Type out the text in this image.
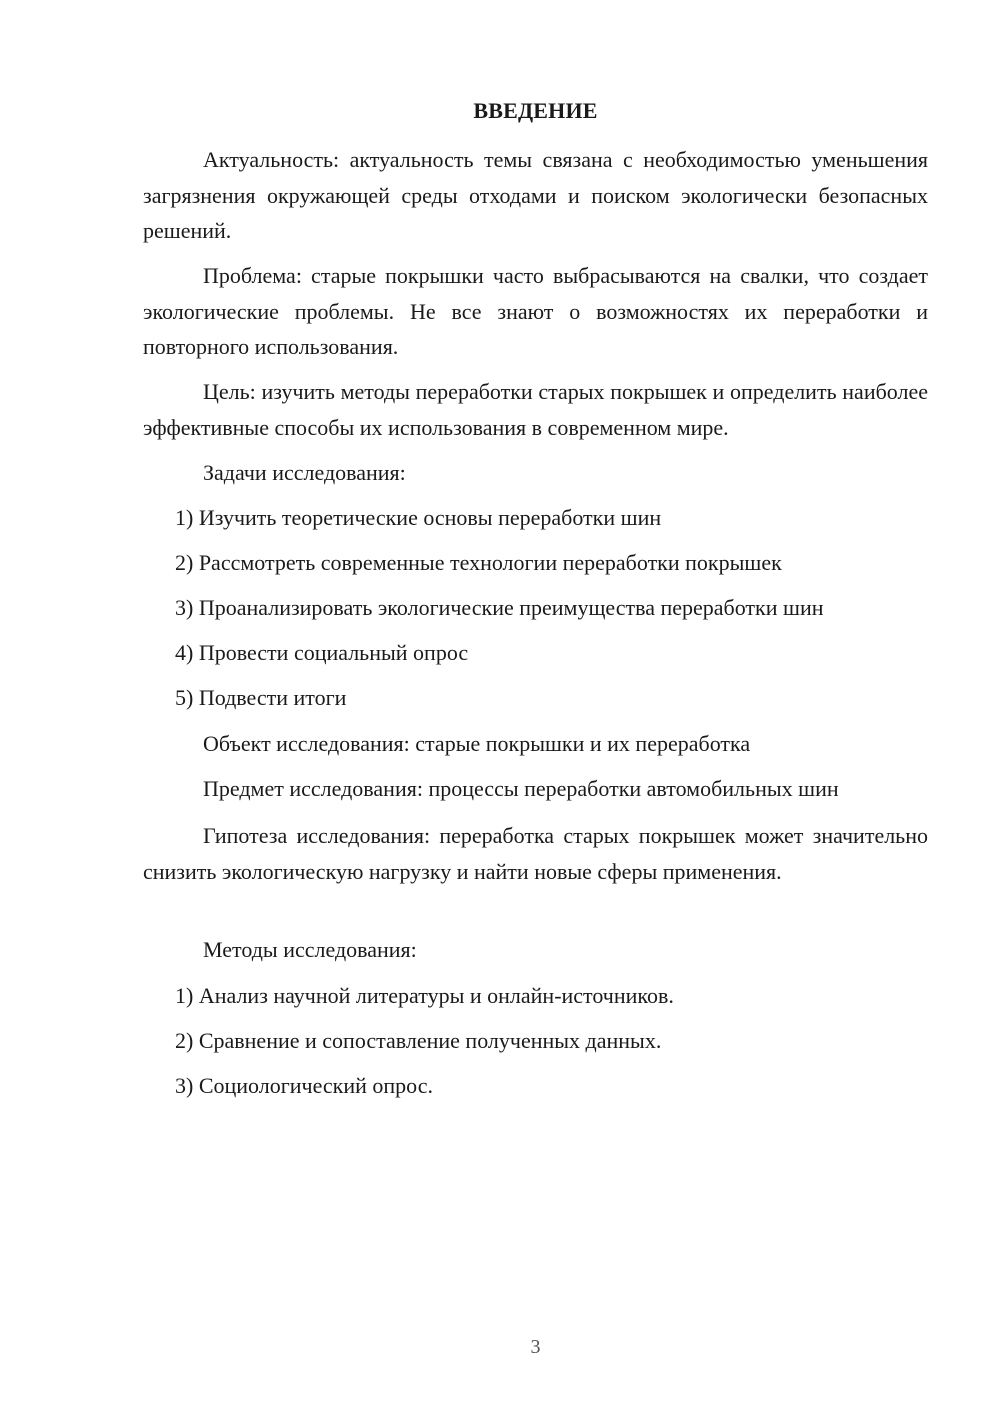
ВВЕДЕНИЕ
Актуальность: актуальность темы связана с необходимостью уменьшения загрязнения окружающей среды отходами и поиском экологически безопасных решений.
Проблема: старые покрышки часто выбрасываются на свалки, что создает экологические проблемы. Не все знают о возможностях их переработки и повторного использования.
Цель: изучить методы переработки старых покрышек и определить наиболее эффективные способы их использования в современном мире.
Задачи исследования:
1) Изучить теоретические основы переработки шин
2) Рассмотреть современные технологии переработки покрышек
3) Проанализировать экологические преимущества переработки шин
4) Провести социальный опрос
5) Подвести итоги
Объект исследования: старые покрышки и их переработка
Предмет исследования: процессы переработки автомобильных шин
Гипотеза исследования: переработка старых покрышек может значительно снизить экологическую нагрузку и найти новые сферы применения.
Методы исследования:
1) Анализ научной литературы и онлайн-источников.
2) Сравнение и сопоставление полученных данных.
3) Социологический опрос.
3
